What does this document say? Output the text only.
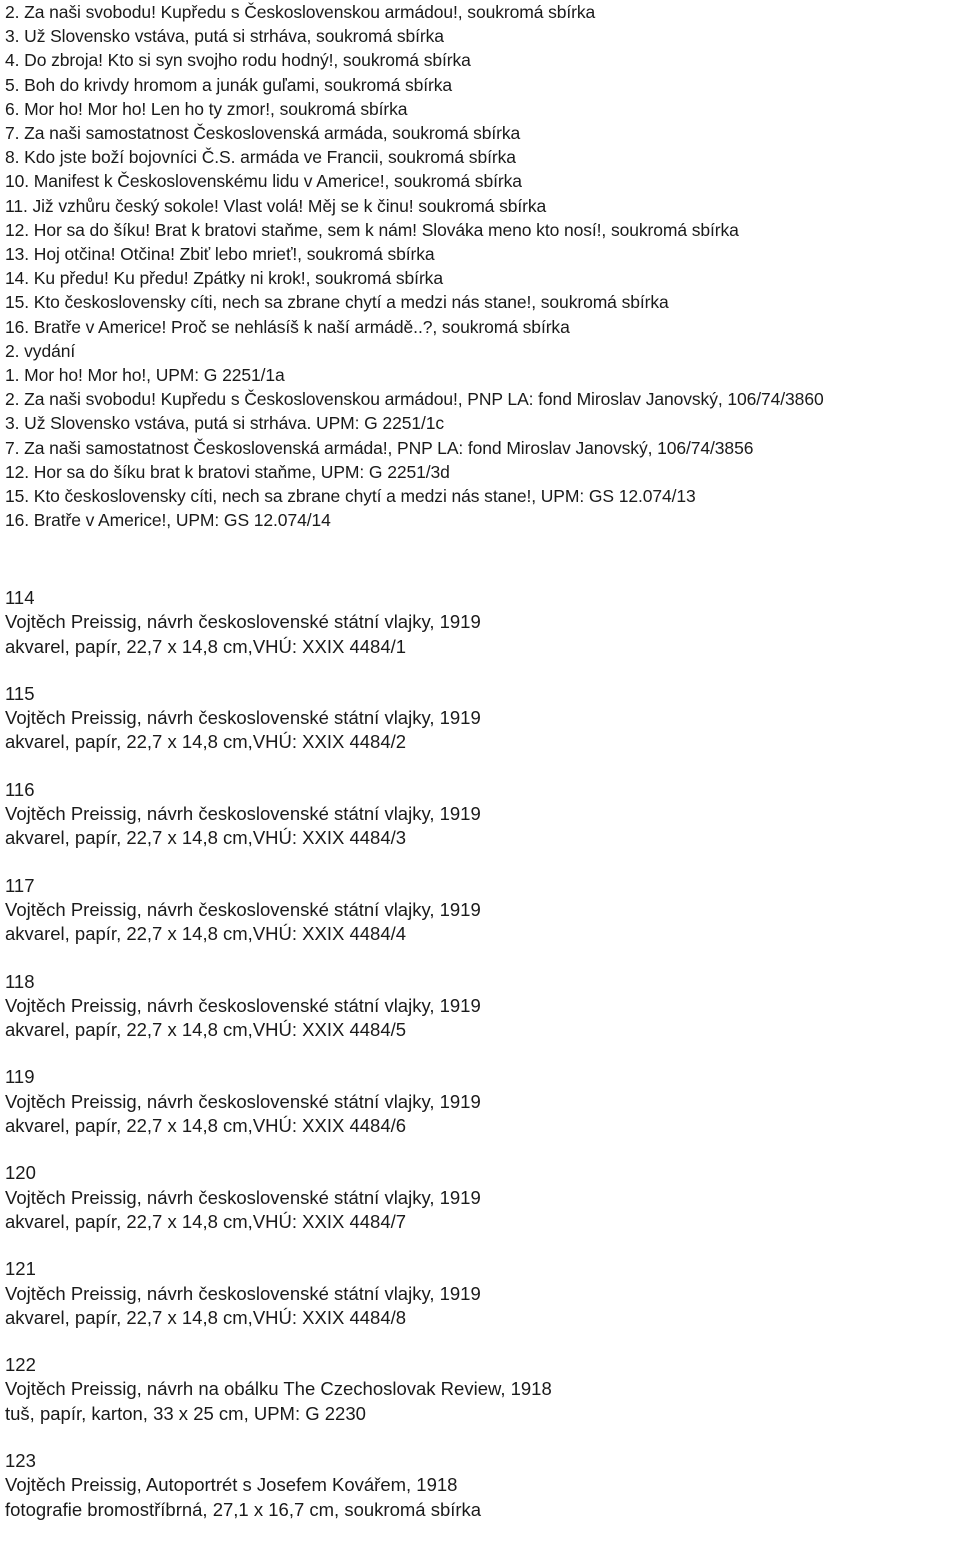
2. Za naši svobodu! Kupředu s Československou armádou!, soukromá sbírka
3. Už Slovensko vstáva, putá si strháva, soukromá sbírka
4. Do zbroja! Kto si syn svojho rodu hodný!, soukromá sbírka
5. Boh do krivdy hromom a junák guľami, soukromá sbírka
6. Mor ho! Mor ho! Len ho ty zmor!, soukromá sbírka
7. Za naši samostatnost Československá armáda, soukromá sbírka
8. Kdo jste boží bojovníci Č.S. armáda ve Francii, soukromá sbírka
10. Manifest k Československému lidu v Americe!, soukromá sbírka
11. Již vzhůru český sokole! Vlast volá! Měj se k činu! soukromá sbírka
12. Hor sa do šíku! Brat k bratovi staňme, sem k nám! Slováka meno kto nosí!, soukromá sbírka
13. Hoj otčina! Otčina! Zbiť lebo mrieť!, soukromá sbírka
14. Ku předu! Ku předu! Zpátky ni krok!, soukromá sbírka
15. Kto československy cíti, nech sa zbrane chytí a medzi nás stane!, soukromá sbírka
16. Bratře v Americe! Proč se nehlásíš k naší armádě..?, soukromá sbírka
2. vydání
1. Mor ho! Mor ho!, UPM: G 2251/1a
2. Za naši svobodu! Kupředu s Československou armádou!, PNP LA: fond Miroslav Janovský, 106/74/3860
3. Už Slovensko vstáva, putá si strháva. UPM: G 2251/1c
7. Za naši samostatnost Československá armáda!, PNP LA: fond Miroslav Janovský, 106/74/3856
12. Hor sa do šíku brat k bratovi staňme, UPM: G 2251/3d
15. Kto československy cíti, nech sa zbrane chytí a medzi nás stane!, UPM: GS 12.074/13
16. Bratře v Americe!, UPM: GS 12.074/14
114
Vojtěch Preissig, návrh československé státní vlajky, 1919
akvarel, papír, 22,7 x 14,8 cm,VHÚ: XXIX 4484/1
115
Vojtěch Preissig, návrh československé státní vlajky, 1919
akvarel, papír, 22,7 x 14,8 cm,VHÚ: XXIX 4484/2
116
Vojtěch Preissig, návrh československé státní vlajky, 1919
akvarel, papír, 22,7 x 14,8 cm,VHÚ: XXIX 4484/3
117
Vojtěch Preissig, návrh československé státní vlajky, 1919
akvarel, papír, 22,7 x 14,8 cm,VHÚ: XXIX 4484/4
118
Vojtěch Preissig, návrh československé státní vlajky, 1919
akvarel, papír, 22,7 x 14,8 cm,VHÚ: XXIX 4484/5
119
Vojtěch Preissig, návrh československé státní vlajky, 1919
akvarel, papír, 22,7 x 14,8 cm,VHÚ: XXIX 4484/6
120
Vojtěch Preissig, návrh československé státní vlajky, 1919
akvarel, papír, 22,7 x 14,8 cm,VHÚ: XXIX 4484/7
121
Vojtěch Preissig, návrh československé státní vlajky, 1919
akvarel, papír, 22,7 x 14,8 cm,VHÚ: XXIX 4484/8
122
Vojtěch Preissig, návrh na obálku The Czechoslovak Review, 1918
tuš, papír, karton, 33 x 25 cm, UPM: G 2230
123
Vojtěch Preissig, Autoportrét s Josefem Kovářem, 1918
fotografie bromostříbrná, 27,1 x 16,7 cm, soukromá sbírka
